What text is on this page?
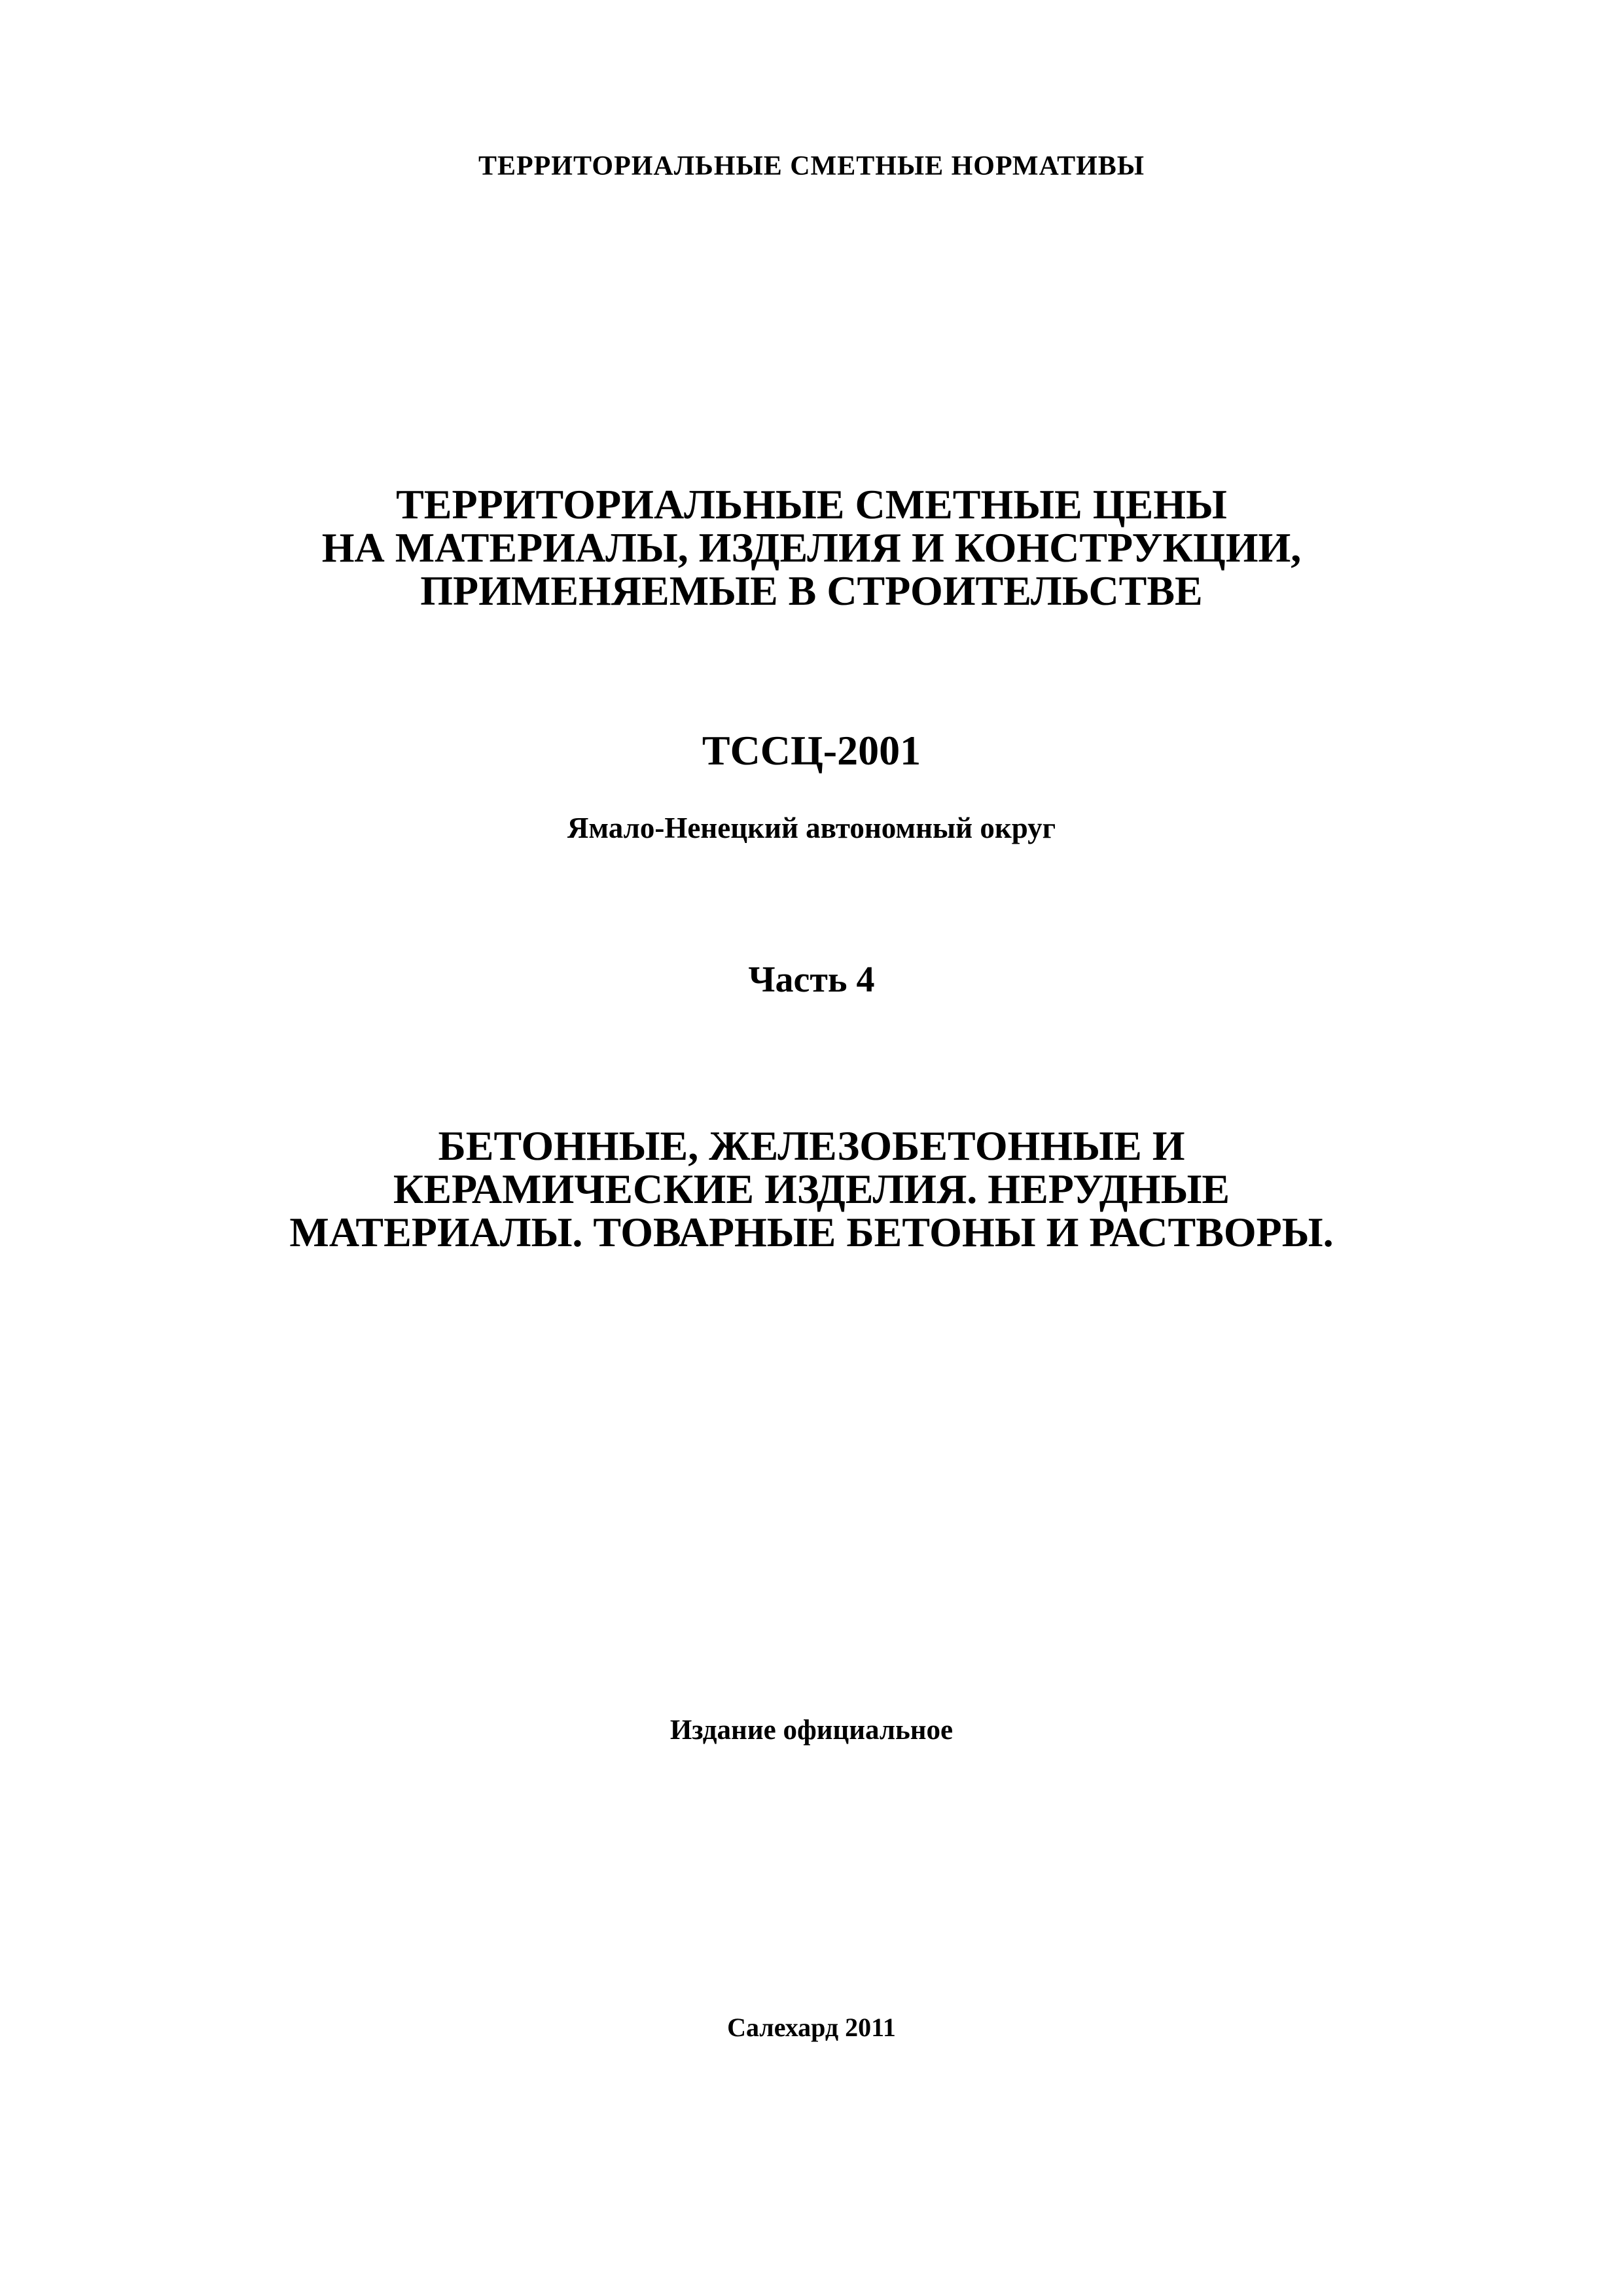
ТЕРРИТОРИАЛЬНЫЕ СМЕТНЫЕ НОРМАТИВЫ

ТЕРРИТОРИАЛЬНЫЕ СМЕТНЫЕ ЦЕНЫ
НА МАТЕРИАЛЫ, ИЗДЕЛИЯ И КОНСТРУКЦИИ,
ПРИМЕНЯЕМЫЕ В СТРОИТЕЛЬСТВЕ

ТССЦ-2001

Ямало-Ненецкий автономный округ

Часть 4

БЕТОННЫЕ, ЖЕЛЕЗОБЕТОННЫЕ И
КЕРАМИЧЕСКИЕ ИЗДЕЛИЯ. НЕРУДНЫЕ
МАТЕРИАЛЫ. ТОВАРНЫЕ БЕТОНЫ И РАСТВОРЫ.

Издание официальное

Салехард 2011
